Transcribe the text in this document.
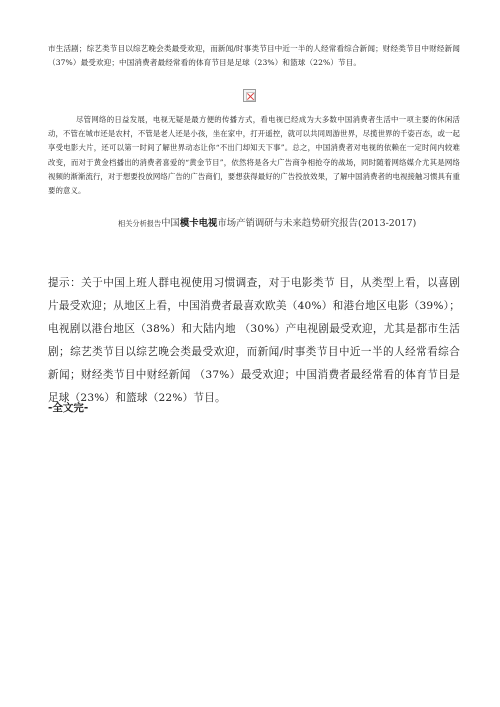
市生活剧；综艺类节目以综艺晚会类最受欢迎，而新闻/时事类节目中近一半的人经常看综合新闻；财经类节目中财经新闻（37%）最受欢迎；中国消费者最经常看的体育节目是足球（23%）和篮球（22%）节目。

尽管网络的日益发展，电视无疑是最方便的传播方式，看电视已经成为大多数中国消费者生活中一项主要的休闲活动，不管在城市还是农村，不管是老人还是小孩，坐在家中，打开遥控，就可以共同周游世界，尽揽世界的千姿百态，或一起享受电影大片，还可以第一时间了解世界动态让你“不出门却知天下事”。总之，中国消费者对电视的依赖在一定时间内较难改变，而对于黄金档播出的消费者喜爱的“黄金节目”，依然将是各大广告商争相抢夺的战场，同时随着网络媒介尤其是网络视频的渐渐流行，对于想要投放网络广告的广告商们，要想获得最好的广告投放效果，了解中国消费者的电视接触习惯具有重要的意义。

相关分析报告中国模卡电视市场产销调研与未来趋势研究报告(2013-2017)

提示：关于中国上班人群电视使用习惯调查，对于电影类节 目，从类型上看，以喜剧片最受欢迎；从地区上看，中国消费者最喜欢欧美（40%）和港台地区电影（39%）；电视剧以港台地区（38%）和大陆内地 （30%）产电视剧最受欢迎，尤其是都市生活剧；综艺类节目以综艺晚会类最受欢迎，而新闻/时事类节目中近一半的人经常看综合新闻；财经类节目中财经新闻 （37%）最受欢迎；中国消费者最经常看的体育节目是足球（23%）和篮球（22%）节目。

-全文完-
